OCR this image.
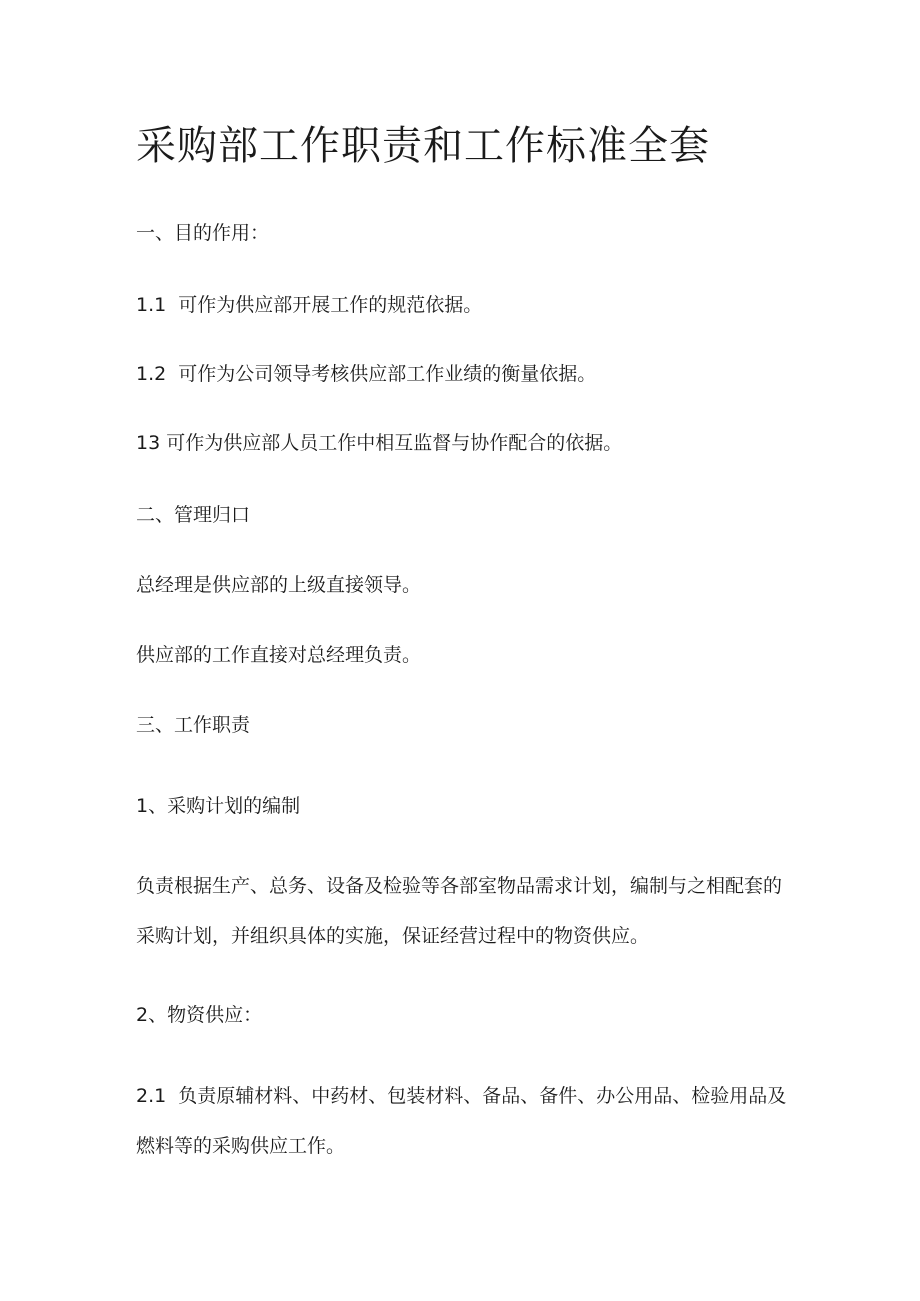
采购部工作职责和工作标准全套
一、目的作用：
1.1 可作为供应部开展工作的规范依据。
1.2 可作为公司领导考核供应部工作业绩的衡量依据。
13 可作为供应部人员工作中相互监督与协作配合的依据。
二、管理归口
总经理是供应部的上级直接领导。
供应部的工作直接对总经理负责。
三、工作职责
1、采购计划的编制
负责根据生产、总务、设备及检验等各部室物品需求计划，编制与之相配套的采购计划，并组织具体的实施，保证经营过程中的物资供应。
2、物资供应：
2.1 负责原辅材料、中药材、包装材料、备品、备件、办公用品、检验用品及燃料等的采购供应工作。
